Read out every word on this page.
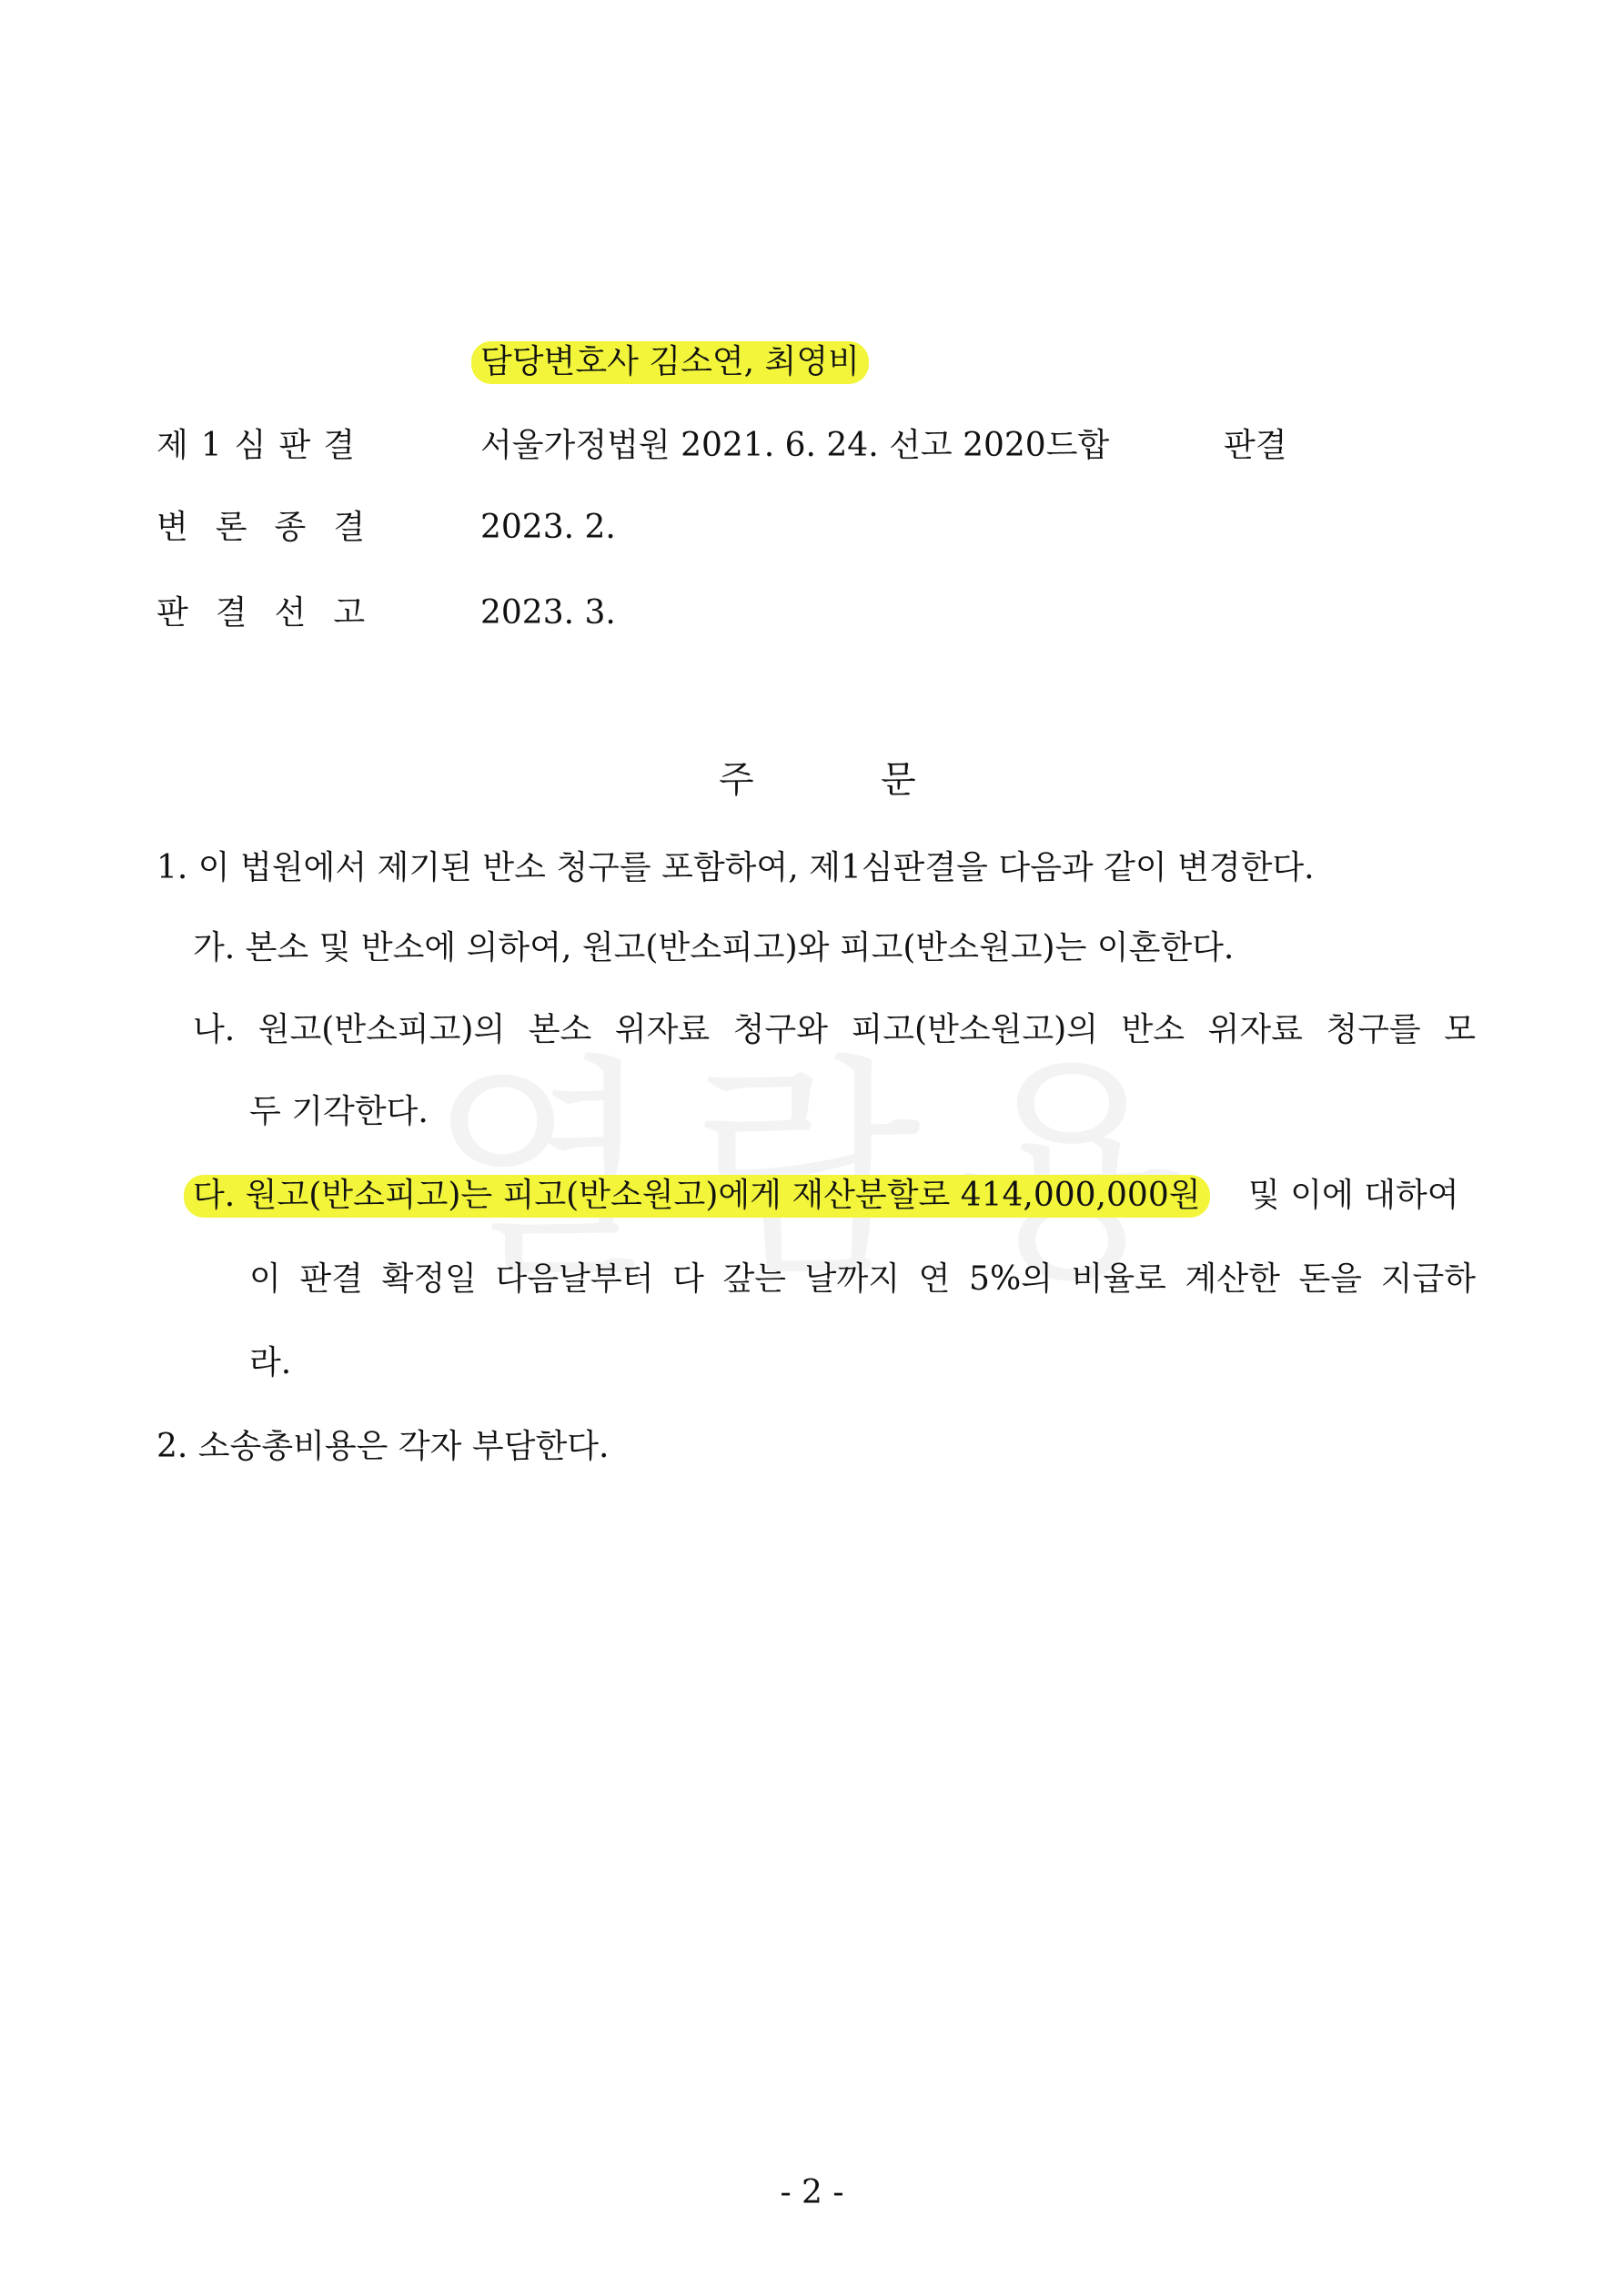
담당변호사 김소연, 최영비
제1심판결	서울가정법원 2021. 6. 24. 선고 2020드합	판결
변론종결	2023. 2.
판결선고	2023. 3.
주	문
1. 이 법원에서 제기된 반소 청구를 포함하여, 제1심판결을 다음과 같이 변경한다.
가. 본소 및 반소에 의하여, 원고(반소피고)와 피고(반소원고)는 이혼한다.
나. 원고(반소피고)의 본소 위자료 청구와 피고(반소원고)의 반소 위자료 청구를 모
두 기각한다.
다. 원고(반소피고)는 피고(반소원고)에게 재산분할로 414,000,000원 및 이에 대하여
이 판결 확정일 다음날부터 다 갚는 날까지 연 5%의 비율로 계산한 돈을 지급하
라.
2. 소송총비용은 각자 부담한다.
- 2 -
